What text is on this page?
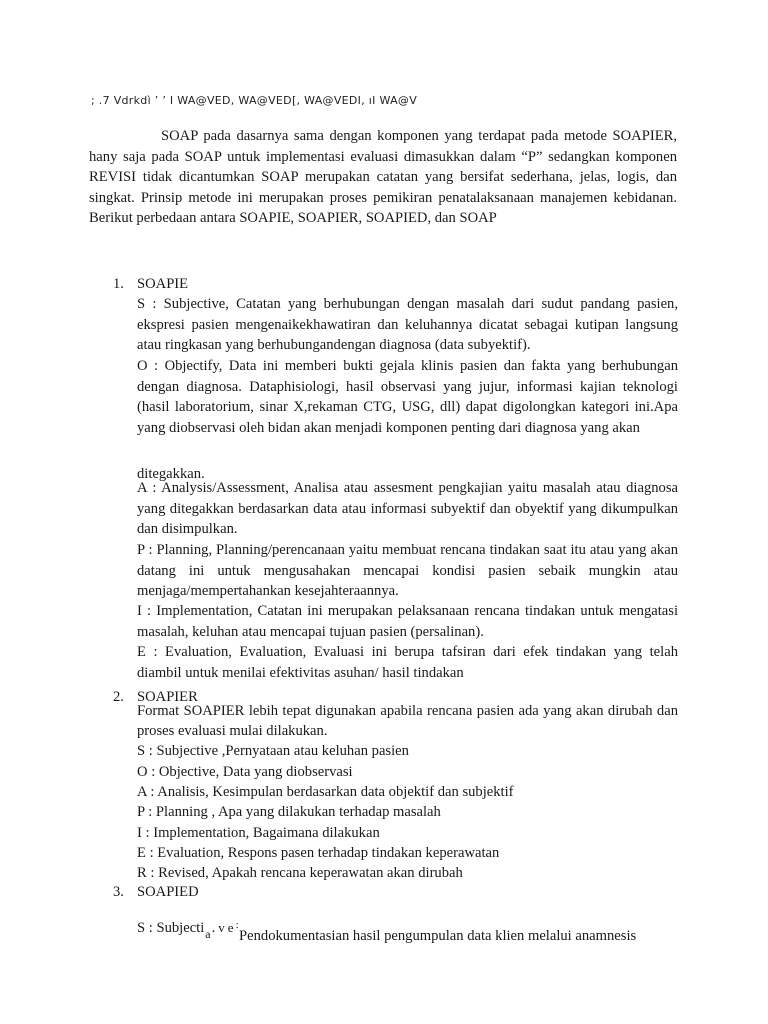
; .7 Vdrkdı̀ ʼ ʼ Ι WA@VED, WA@VED[, WA@VEDΙ, ıΙ WA@V

SOAP pada dasarnya sama dengan komponen yang terdapat pada metode SOAPIER, hany saja pada SOAP untuk implementasi evaluasi dimasukkan dalam “P” sedangkan komponen REVISI tidak dicantumkan SOAP merupakan catatan yang bersifat sederhana, jelas, logis, dan singkat. Prinsip metode ini merupakan proses pemikiran penatalaksanaan manajemen kebidanan. Berikut perbedaan antara SOAPIE, SOAPIER, SOAPIED, dan SOAP

1. SOAPIE

S : Subjective, Catatan yang berhubungan dengan masalah dari sudut pandang pasien, ekspresi pasien mengenaikekhawatiran dan keluhannya dicatat sebagai kutipan langsung atau ringkasan yang berhubungandengan diagnosa (data subyektif).

O : Objectify, Data ini memberi bukti gejala klinis pasien dan fakta yang berhubungan dengan diagnosa. Dataphisiologi, hasil observasi yang jujur, informasi kajian teknologi (hasil laboratorium, sinar X,rekaman CTG, USG, dll) dapat digolongkan kategori ini.Apa yang diobservasi oleh bidan akan menjadi komponen penting dari diagnosa yang akan

ditegakkan.

A : Analysis/Assessment, Analisa atau assesment pengkajian yaitu masalah atau diagnosa yang ditegakkan berdasarkan data atau informasi subyektif dan obyektif yang dikumpulkan dan disimpulkan.

P : Planning, Planning/perencanaan yaitu membuat rencana tindakan saat itu atau yang akan datang ini untuk mengusahakan mencapai kondisi pasien sebaik mungkin atau menjaga/mempertahankan kesejahteraannya.

I : Implementation, Catatan ini merupakan pelaksanaan rencana tindakan untuk mengatasi masalah, keluhan atau mencapai tujuan pasien (persalinan).

E : Evaluation, Evaluation, Evaluasi ini berupa tafsiran dari efek tindakan yang telah diambil untuk menilai efektivitas asuhan/ hasil tindakan

2. SOAPIER

Format SOAPIER lebih tepat digunakan apabila rencana pasien ada yang akan dirubah dan proses evaluasi mulai dilakukan.

S : Subjective ,Pernyataan atau keluhan pasien

O : Objective, Data yang diobservasi

A : Analisis, Kesimpulan berdasarkan data objektif dan subjektif

P : Planning , Apa yang dilakukan terhadap masalah

I : Implementation, Bagaimana dilakukan

E : Evaluation, Respons pasen terhadap tindakan keperawatan

R : Revised, Apakah rencana keperawatan akan dirubah

3. SOAPIED
S : Subjecti$_a$. v e :
Pendokumentasian hasil pengumpulan data klien melalui anamnesis
